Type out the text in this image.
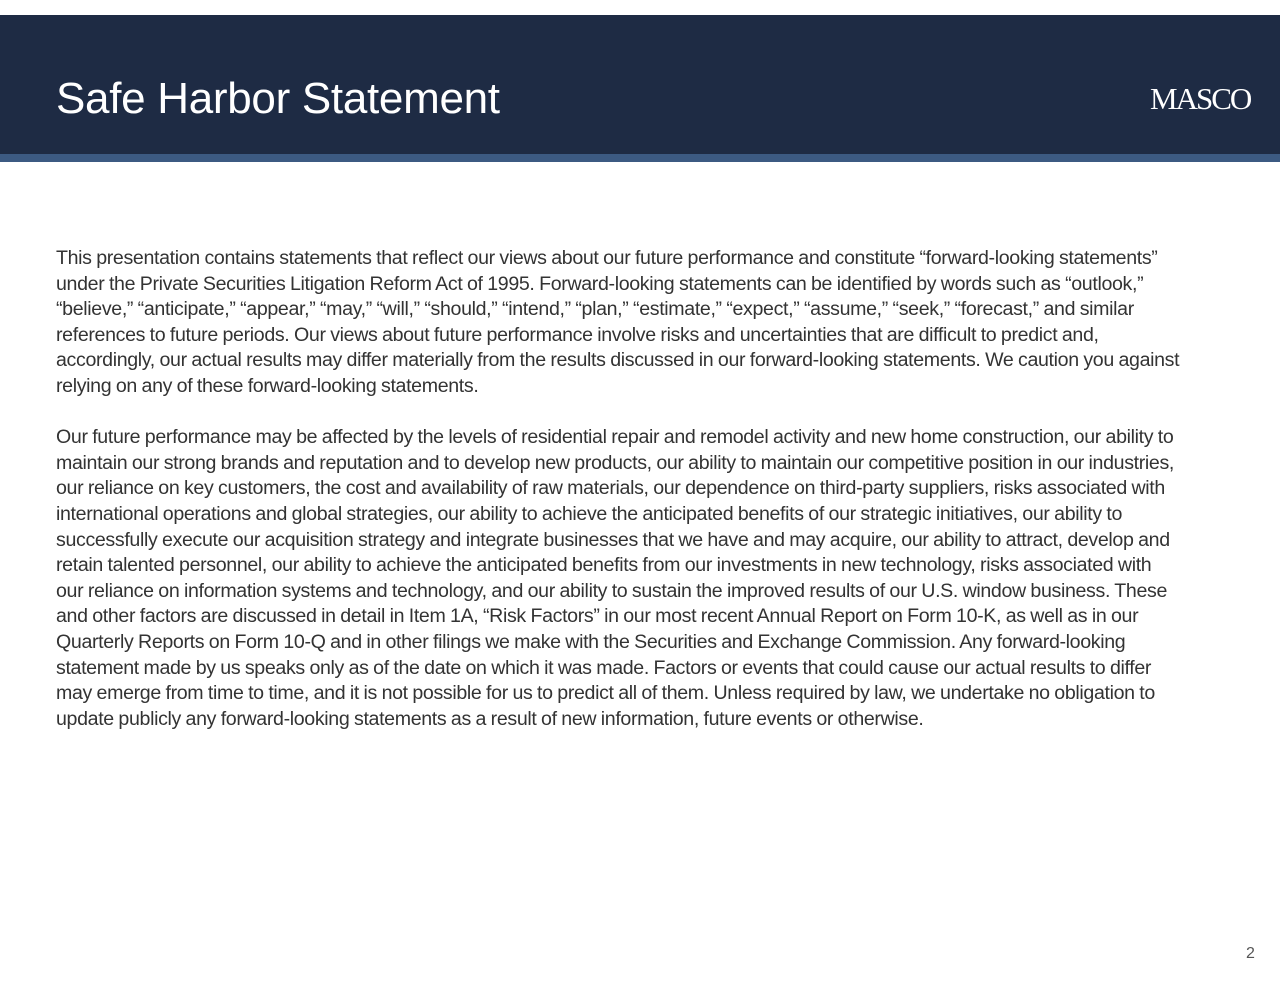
Safe Harbor Statement	MASCO

This presentation contains statements that reflect our views about our future performance and constitute “forward-looking statements” under the Private Securities Litigation Reform Act of 1995. Forward-looking statements can be identified by words such as “outlook,” “believe,” “anticipate,” “appear,” “may,” “will,” “should,” “intend,” “plan,” “estimate,” “expect,” “assume,” “seek,” “forecast,” and similar references to future periods. Our views about future performance involve risks and uncertainties that are difficult to predict and, accordingly, our actual results may differ materially from the results discussed in our forward-looking statements. We caution you against relying on any of these forward-looking statements.

Our future performance may be affected by the levels of residential repair and remodel activity and new home construction, our ability to maintain our strong brands and reputation and to develop new products, our ability to maintain our competitive position in our industries, our reliance on key customers, the cost and availability of raw materials, our dependence on third-party suppliers, risks associated with international operations and global strategies, our ability to achieve the anticipated benefits of our strategic initiatives, our ability to successfully execute our acquisition strategy and integrate businesses that we have and may acquire, our ability to attract, develop and retain talented personnel, our ability to achieve the anticipated benefits from our investments in new technology, risks associated with our reliance on information systems and technology, and our ability to sustain the improved results of our U.S. window business. These and other factors are discussed in detail in Item 1A, “Risk Factors” in our most recent Annual Report on Form 10-K, as well as in our Quarterly Reports on Form 10-Q and in other filings we make with the Securities and Exchange Commission. Any forward-looking statement made by us speaks only as of the date on which it was made. Factors or events that could cause our actual results to differ may emerge from time to time, and it is not possible for us to predict all of them. Unless required by law, we undertake no obligation to update publicly any forward-looking statements as a result of new information, future events or otherwise.

2
